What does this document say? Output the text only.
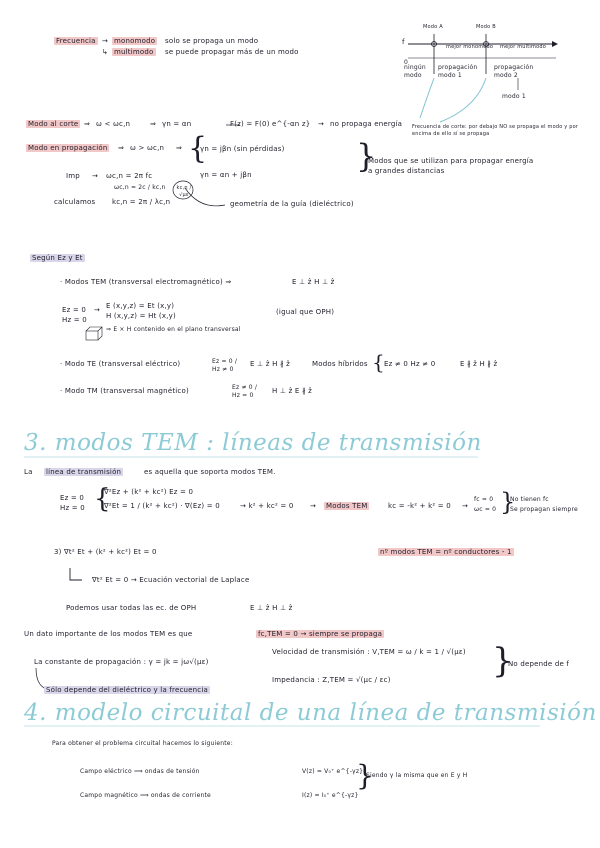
Frecuencia → monomodo solo se propaga un modo
↳ multimodo se puede propagar más de un modo
f
Modo A	Modo B
0
mejor monomodo mejor multimodo
ningún modo
propagación modo 1
propagación modo 2
modo 1
Frecuencia de corte: por debajo NO se propaga el modo y por encima de ello sí se propaga
Modo al corte ⇒ ω < ωc,n	⇒ γn = αn	F(z) = F(0) e^{-αn z} → no propaga energía
Modo en propagación ⇒ ω > ωc,n ⇒ {
γn = jβn (sin pérdidas)
γn = αn + jβn	}
Modos que se utilizan para propagar energía
a grandes distancias
Imp → ωc,n = 2π fc
ωc,n = 2c / kc,n	kc,n / √με
calculamos kc,n = 2π / λc,n	geometría de la guía (dieléctrico)
Según Ez y Et
· Modos TEM (transversal electromagnético) ⇒	E ⊥ ẑ H ⊥ ẑ
Ez = 0
Hz = 0
→ E (x,y,z) = Et (x,y)
H (x,y,z) = Ht (x,y)	(igual que OPH)
⇒ E × H contenido en el plano transversal
· Modo TE (transversal eléctrico)	Ez = 0 / Hz ≠ 0
E ⊥ ẑ H ∦ ẑ	Modos híbridos { Ez ≠ 0 Hz ≠ 0	E ∦ ẑ H ∦ ẑ
· Modo TM (transversal magnético)	Ez ≠ 0 / Hz = 0
H ⊥ ẑ E ∦ ẑ
3. modos TEM : líneas de transmisión
La línea de transmisión	es aquella que soporta modos TEM.
Ez = 0
Hz = 0 {
∇²Ez + (k² + kc²) Ez = 0
∇²Et = 1 / (k² + kc²) · ∇(Ez) = 0	→ k² + kc² = 0 → Modos TEM	kc = -k² + k² = 0 →
fc = 0
ωc = 0 }
No tienen fc
Se propagan siempre
3) ∇t² Et + (k² + kc²) Et = 0	nº modos TEM = nº conductores - 1
∇t² Et = 0 → Ecuación vectorial de Laplace
Podemos usar todas las ec. de OPH	E ⊥ ẑ H ⊥ ẑ
Un dato importante de los modos TEM es que	fc,TEM = 0 → siempre se propaga
La constante de propagación : γ = jk = jω√(με)
Velocidad de transmisión : V,TEM = ω / k = 1 / √(με)
Impedancia : Z,TEM = √(μc / εc)	}
No depende de f
Sólo depende del dieléctrico y la frecuencia
4. modelo circuital de una línea de transmisión
Para obtener el problema circuital hacemos lo siguiente:
Campo eléctrico ⟹ ondas de tensión	V(z) = V₀⁺ e^{-γz}
}
Siendo γ la misma que en E y H
Campo magnético ⟹ ondas de corriente	I(z) = I₀⁺ e^{-γz}
